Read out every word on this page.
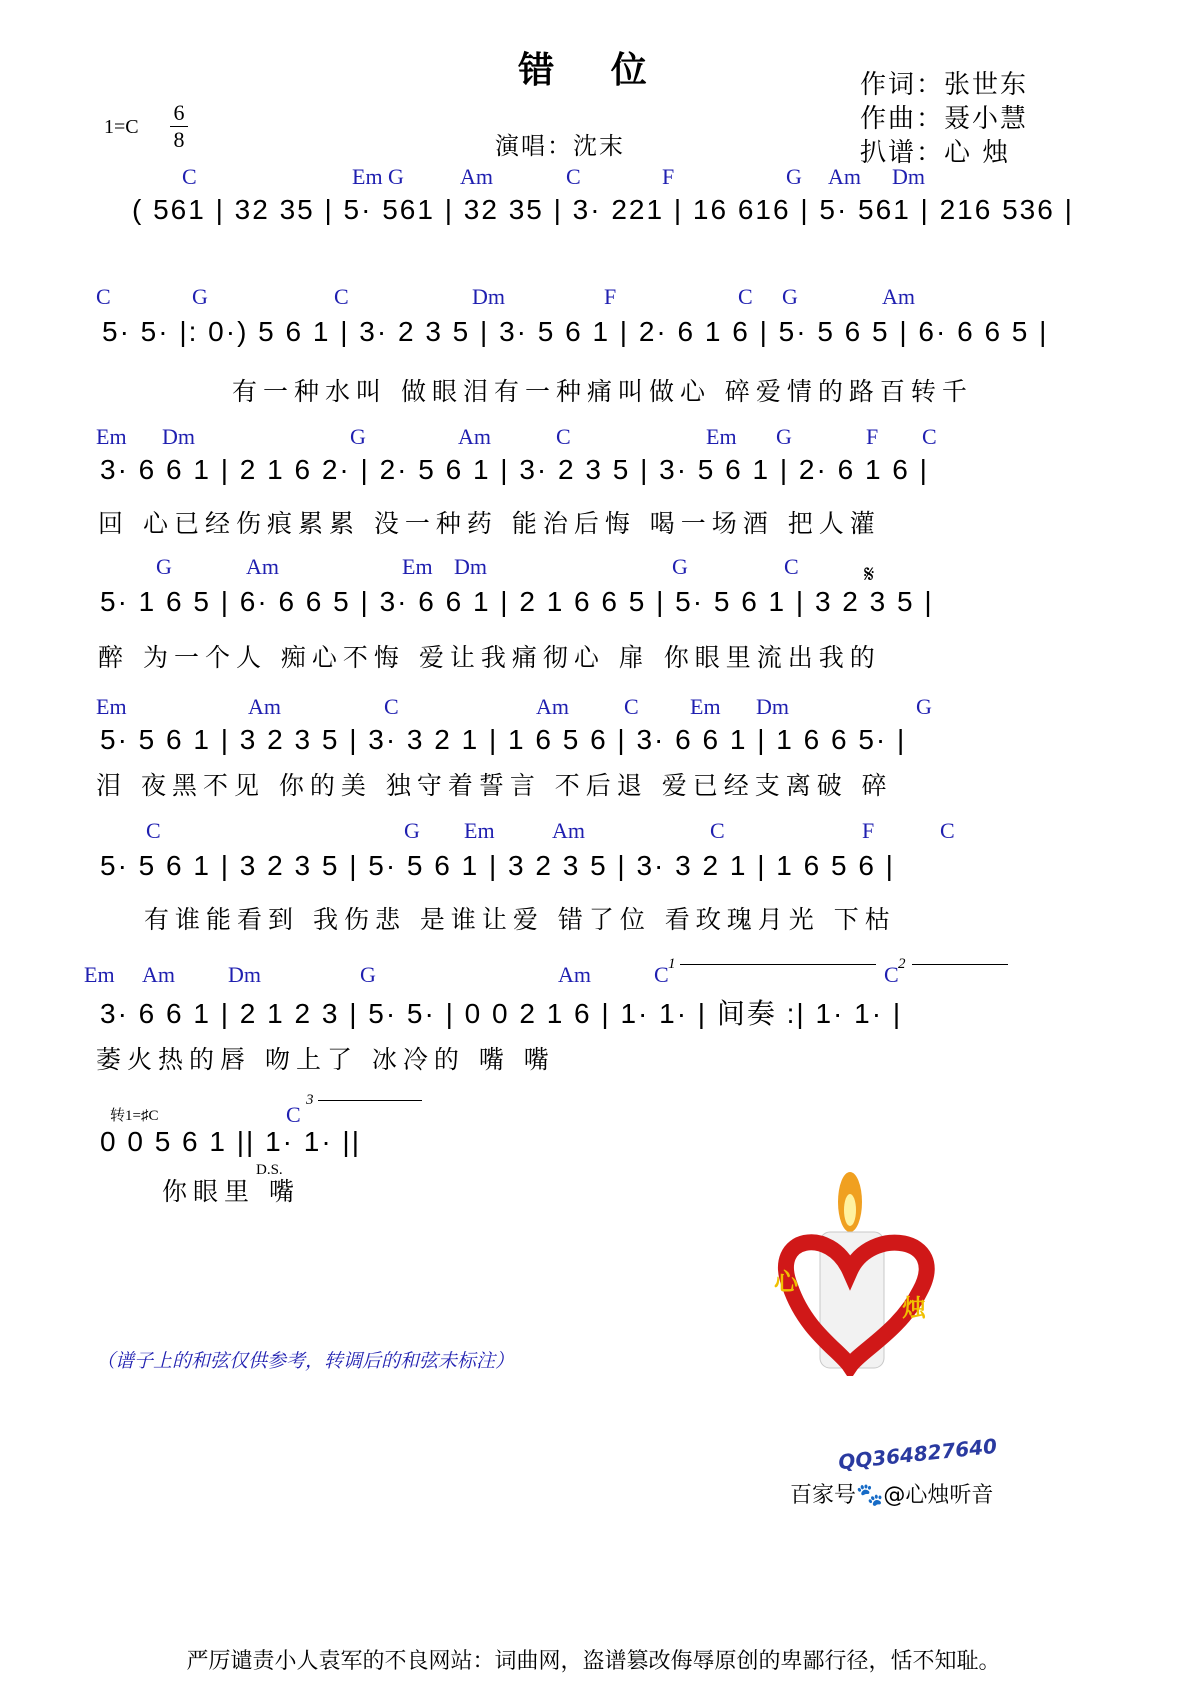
错 位
1=C
6
8	演唱：沈末
作词：张世东
作曲：聂小慧
扒谱：心 烛
C	Em G	Am	C	F	G Am Dm
( 561 | 32 35 | 5· 561 | 32 35 | 3· 221 | 16 616 | 5· 561 | 216 536 |
C	G	C	Dm	F	C G	Am
5· 5· |: 0·) 5 6 1 | 3· 2 3 5 | 3· 5 6 1 | 2· 6 1 6 | 5· 5 6 5 | 6· 6 6 5 |
有一种水叫 做眼泪有一种痛叫做心 碎爱情的路百转千
Em Dm	G	Am	C	Em G	F C
3· 6 6 1 | 2 1 6 2· | 2· 5 6 1 | 3· 2 3 5 | 3· 5 6 1 | 2· 6 1 6 |
回 心已经伤痕累累 没一种药 能治后悔 喝一场酒 把人灌
G	Am	Em Dm	G	C	𝄋
5· 1 6 5 | 6· 6 6 5 | 3· 6 6 1 | 2 1 6 6 5 | 5· 5 6 1 | 3 2 3 5 |
醉 为一个人 痴心不悔 爱让我痛彻心 扉 你眼里流出我的
Em	Am	C	Am	C Em Dm	G
5· 5 6 1 | 3 2 3 5 | 3· 3 2 1 | 1 6 5 6 | 3· 6 6 1 | 1 6 6 5· |
泪 夜黑不见 你的美 独守着誓言 不后退 爱已经支离破 碎
C	G Em	Am	C	F	C
5· 5 6 1 | 3 2 3 5 | 5· 5 6 1 | 3 2 3 5 | 3· 3 2 1 | 1 6 5 6 |
有谁能看到 我伤悲 是谁让爱 错了位 看玫瑰月光 下枯
Em Am Dm	G	Am	C	C
1	2
3· 6 6 1 | 2 1 2 3 | 5· 5· | 0 0 2 1 6 | 1· 1· | 间奏 :| 1· 1· |
萎火热的唇 吻上了 冰冷的 嘴 嘴
转1=♯C	C
3
0 0 5 6 1 || 1· 1· ||
D.S.
你眼里 嘴
（谱子上的和弦仅供参考，转调后的和弦未标注）
心
烛
QQ364827640
百家号🐾@心烛听音
严厉谴责小人袁军的不良网站：词曲网，盗谱篡改侮辱原创的卑鄙行径，恬不知耻。
